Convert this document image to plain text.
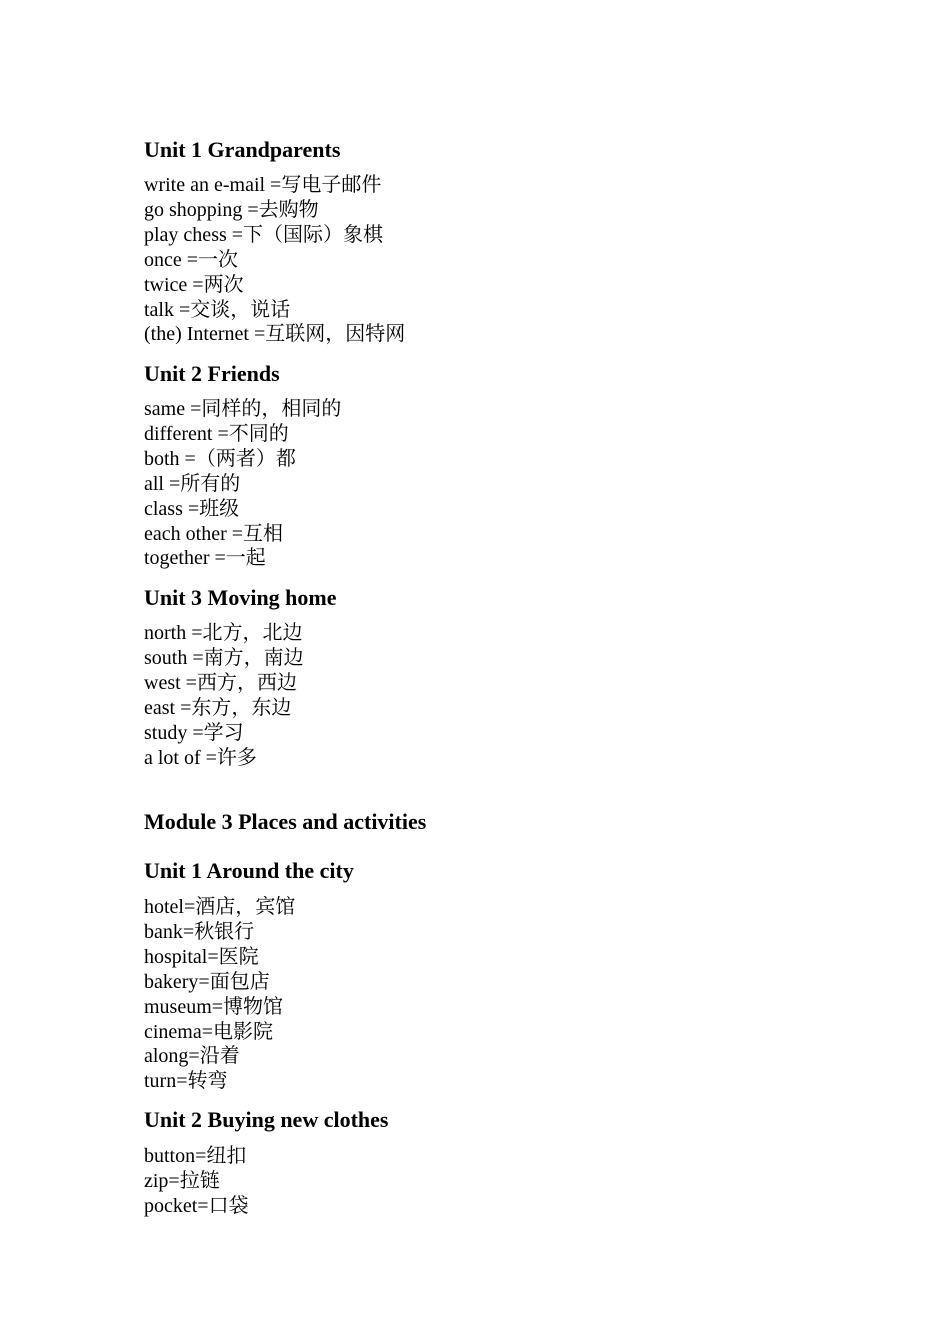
Unit 1 Grandparents
write an e-mail =写电子邮件
go shopping =去购物
play chess =下（国际）象棋
once =一次
twice =两次
talk =交谈，说话
(the) Internet =互联网，因特网
Unit 2 Friends
same =同样的，相同的
different =不同的
both =（两者）都
all =所有的
class =班级
each other =互相
together =一起
Unit 3 Moving home
north =北方，北边
south =南方，南边
west =西方，西边
east =东方，东边
study =学习
a lot of =许多
Module 3 Places and activities
Unit 1 Around the city
hotel=酒店，宾馆
bank=秋银行
hospital=医院
bakery=面包店
museum=博物馆
cinema=电影院
along=沿着
turn=转弯
Unit 2 Buying new clothes
button=纽扣
zip=拉链
pocket=口袋
